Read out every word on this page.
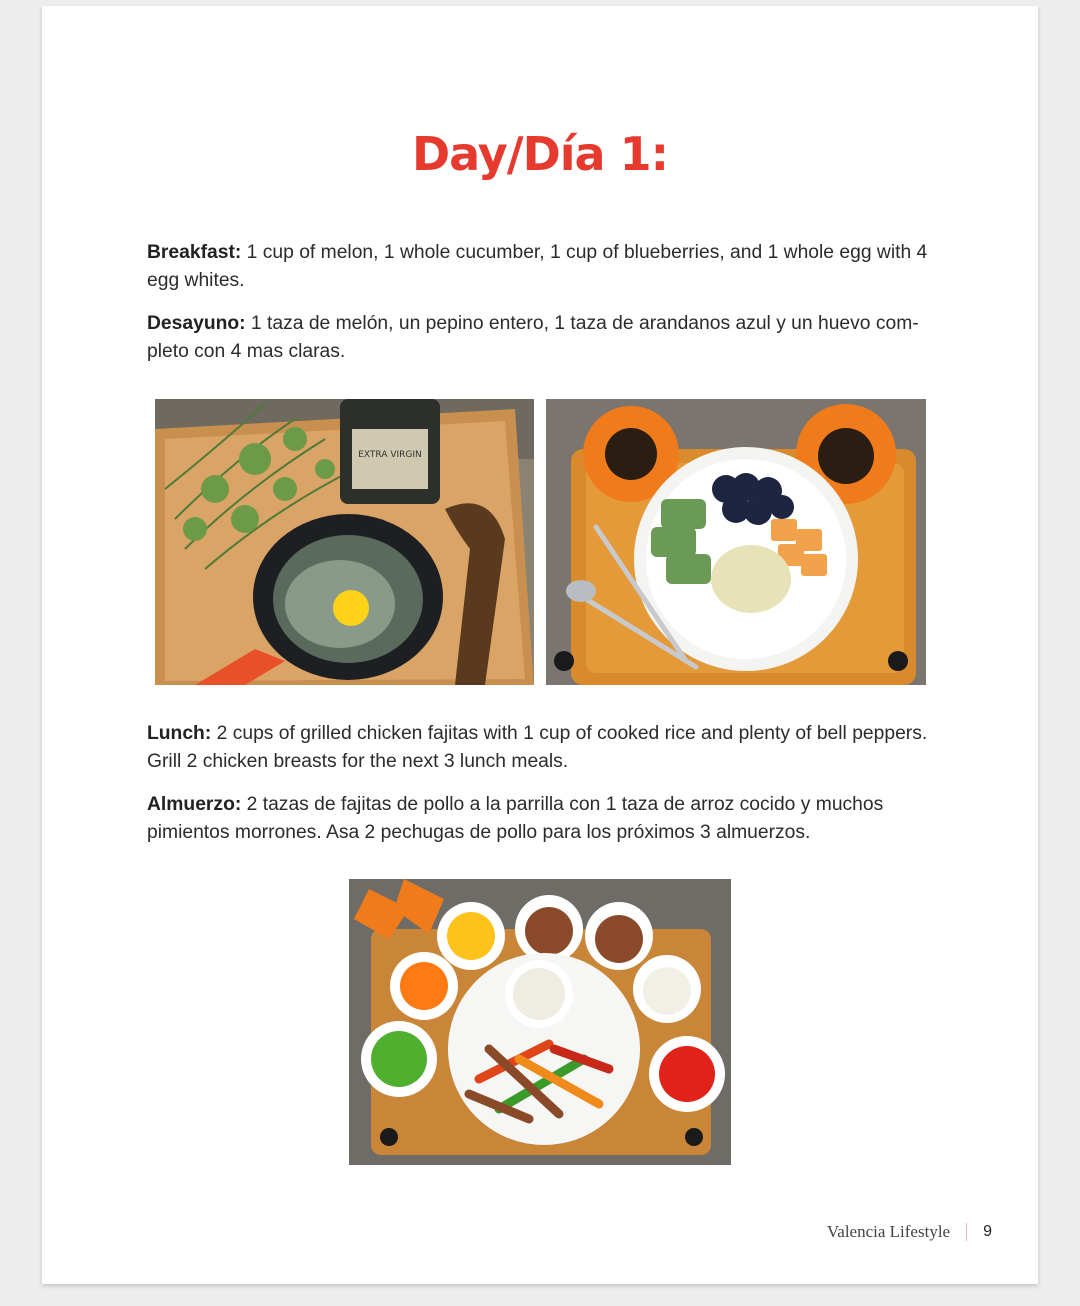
Day/Día 1:

Breakfast: 1 cup of melon, 1 whole cucumber, 1 cup of blueberries, and 1 whole egg with 4 egg whites.

Desayuno: 1 taza de melón, un pepino entero, 1 taza de arandanos azul y un huevo com-pleto con 4 mas claras.

EXTRA VIRGIN

Lunch: 2 cups of grilled chicken fajitas with 1 cup of cooked rice and plenty of bell peppers. Grill 2 chicken breasts for the next 3 lunch meals.

Almuerzo: 2 tazas de fajitas de pollo a la parrilla con 1 taza de arroz cocido y muchos pimientos morrones. Asa 2 pechugas de pollo para los próximos 3 almuerzos.

Valencia Lifestyle 9
